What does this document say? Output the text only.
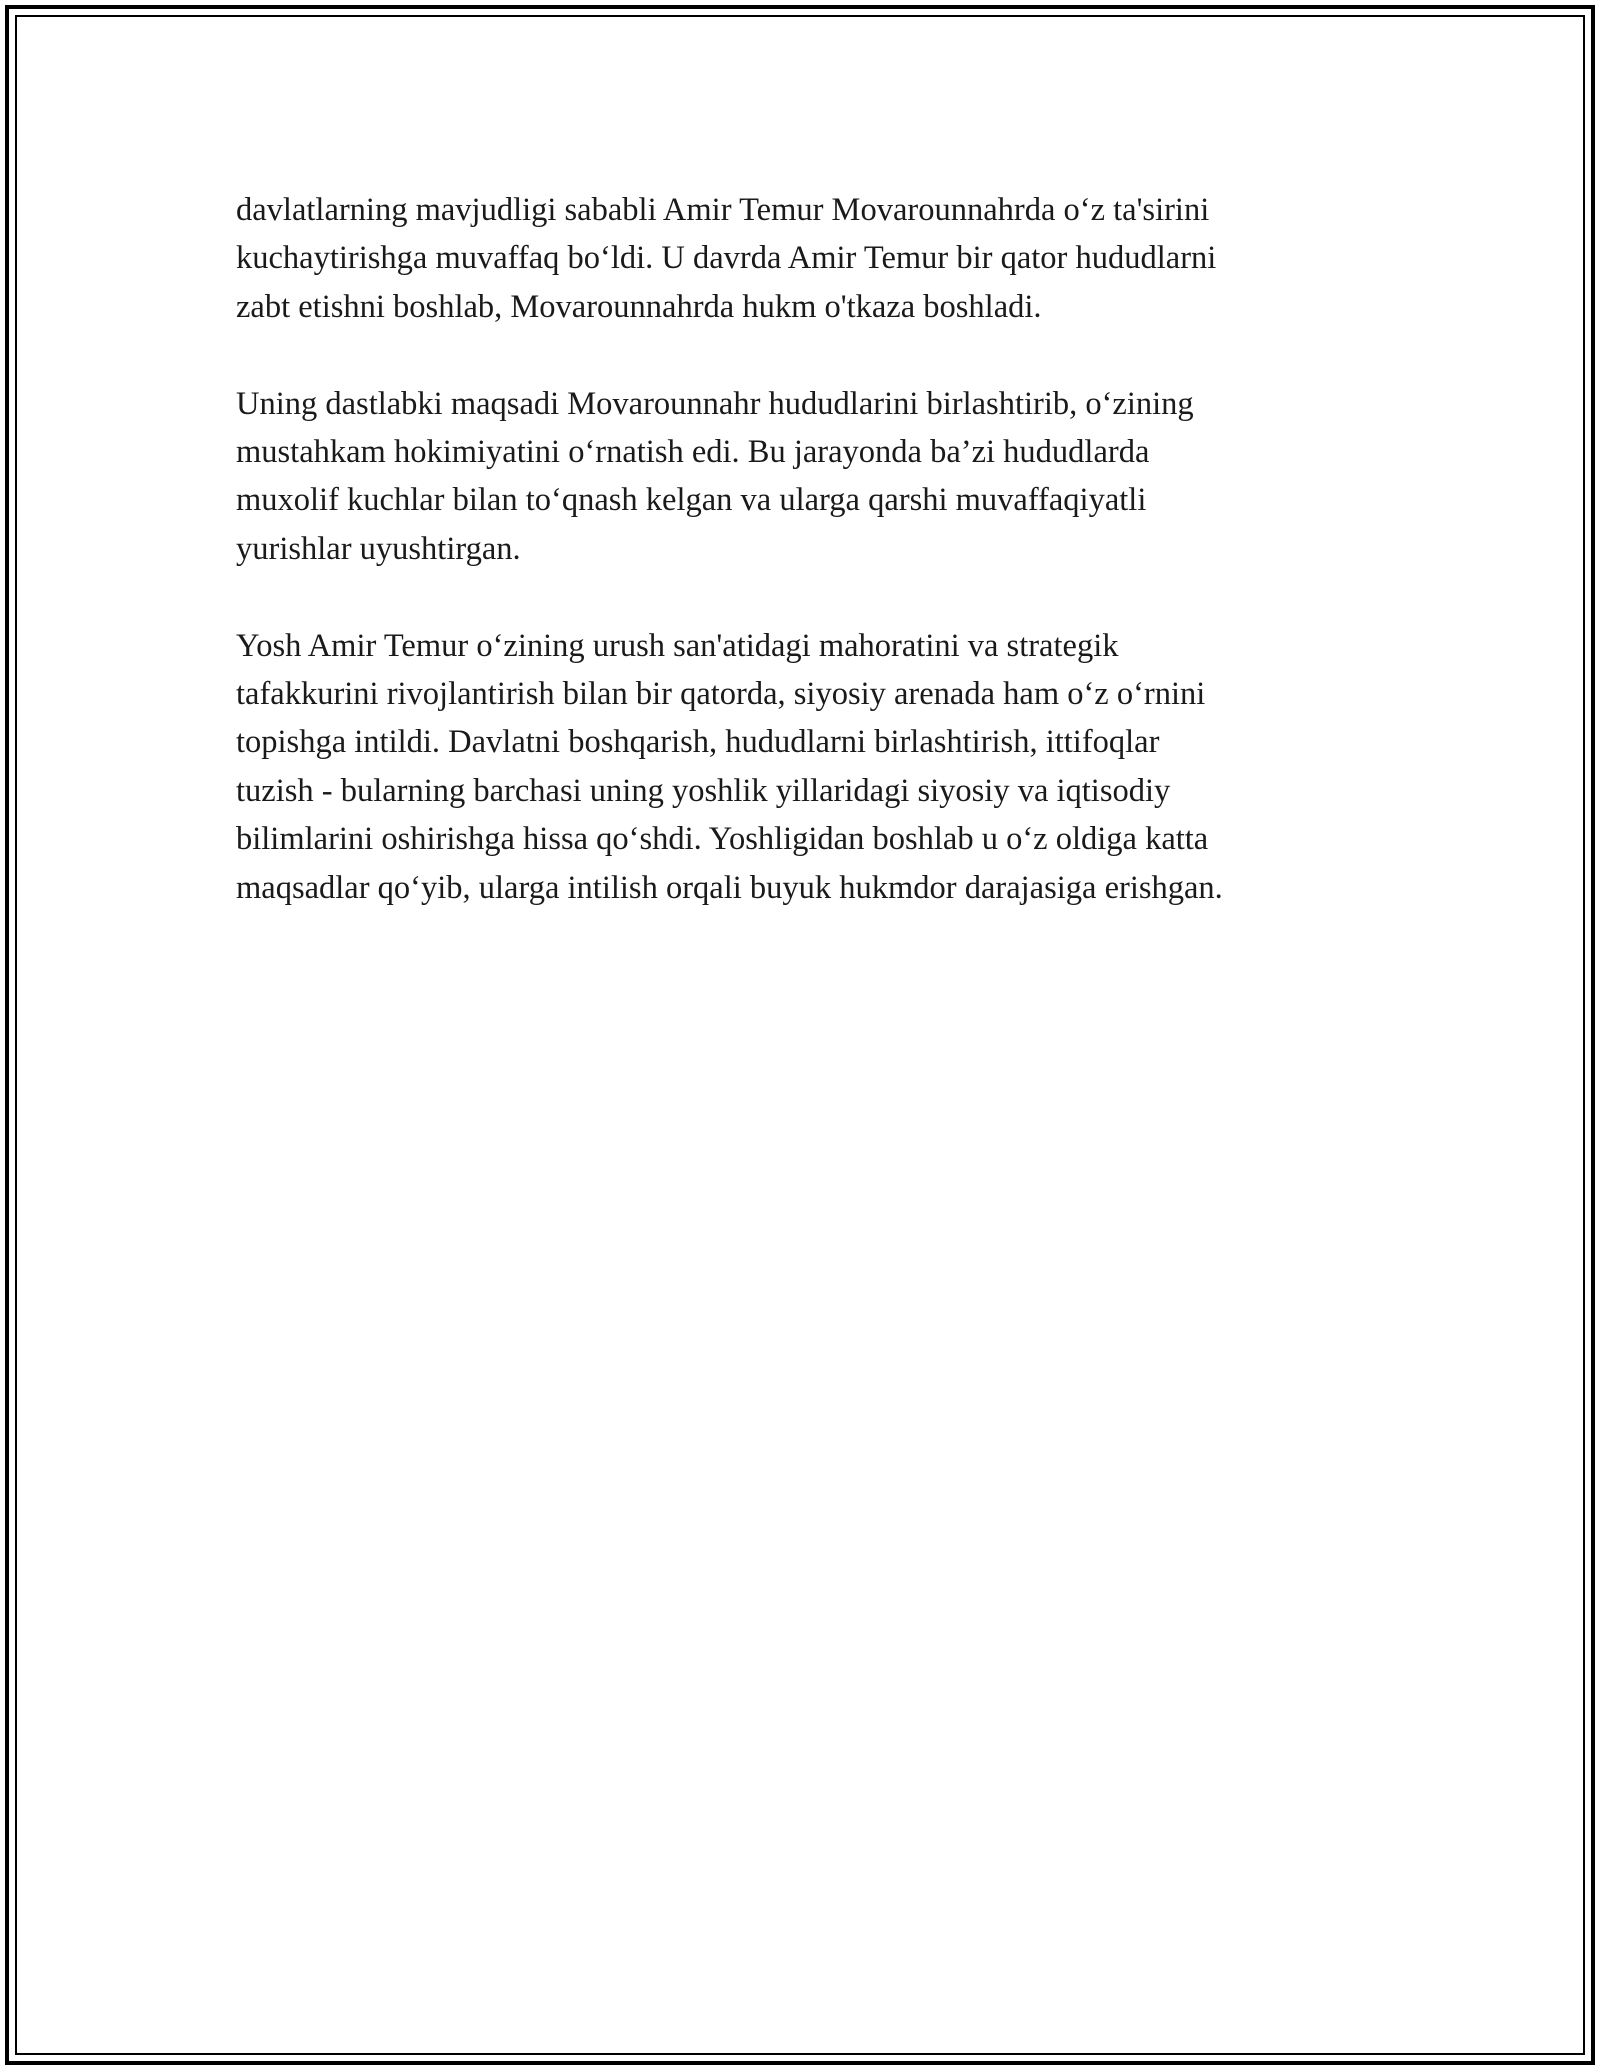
davlatlarning mavjudligi sababli Amir Temur Movarounnahrda o‘z ta'sirini
kuchaytirishga muvaffaq bo‘ldi. U davrda Amir Temur bir qator hududlarni
zabt etishni boshlab, Movarounnahrda hukm o'tkaza boshladi.

Uning dastlabki maqsadi Movarounnahr hududlarini birlashtirib, o‘zining
mustahkam hokimiyatini o‘rnatish edi. Bu jarayonda ba’zi hududlarda
muxolif kuchlar bilan to‘qnash kelgan va ularga qarshi muvaffaqiyatli
yurishlar uyushtirgan.

Yosh Amir Temur o‘zining urush san'atidagi mahoratini va strategik
tafakkurini rivojlantirish bilan bir qatorda, siyosiy arenada ham o‘z o‘rnini
topishga intildi. Davlatni boshqarish, hududlarni birlashtirish, ittifoqlar
tuzish - bularning barchasi uning yoshlik yillaridagi siyosiy va iqtisodiy
bilimlarini oshirishga hissa qo‘shdi. Yoshligidan boshlab u o‘z oldiga katta
maqsadlar qo‘yib, ularga intilish orqali buyuk hukmdor darajasiga erishgan.
